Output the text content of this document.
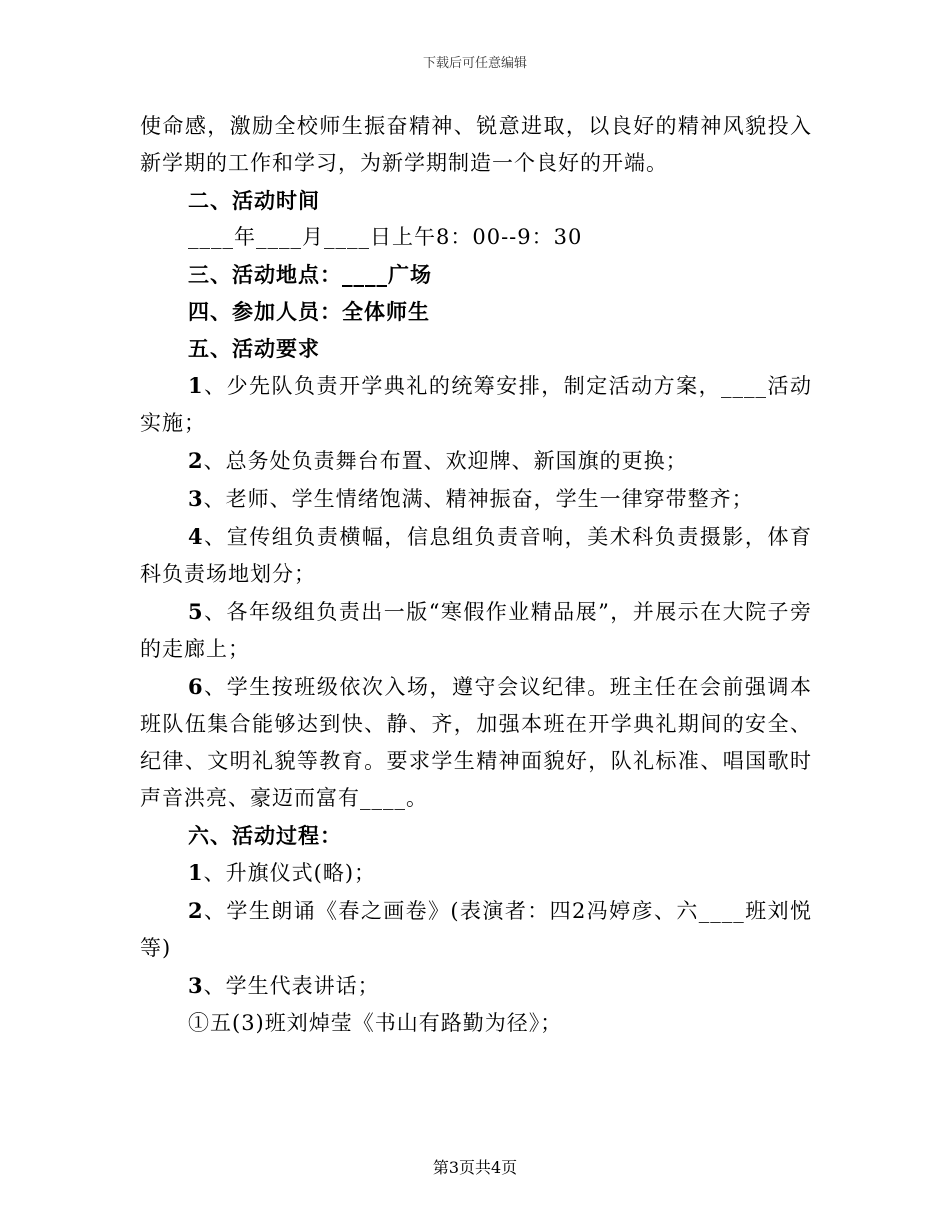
下载后可任意编辑

使命感，激励全校师生振奋精神、锐意进取，以良好的精神风貌投入新学期的工作和学习，为新学期制造一个良好的开端。

二、活动时间

____年____月____日上午8：00--9：30

三、活动地点：____广场

四、参加人员：全体师生

五、活动要求

1、少先队负责开学典礼的统筹安排，制定活动方案，____活动实施；

2、总务处负责舞台布置、欢迎牌、新国旗的更换；

3、老师、学生情绪饱满、精神振奋，学生一律穿带整齐；

4、宣传组负责横幅，信息组负责音响，美术科负责摄影，体育科负责场地划分；

5、各年级组负责出一版“寒假作业精品展”，并展示在大院子旁的走廊上；

6、学生按班级依次入场，遵守会议纪律。班主任在会前强调本班队伍集合能够达到快、静、齐，加强本班在开学典礼期间的安全、纪律、文明礼貌等教育。要求学生精神面貌好，队礼标准、唱国歌时声音洪亮、豪迈而富有____。

六、活动过程：

1、升旗仪式(略)；

2、学生朗诵《春之画卷》(表演者：四2冯婷彦、六____班刘悦等)

3、学生代表讲话；

①五(3)班刘焯莹《书山有路勤为径》；

第3页共4页
